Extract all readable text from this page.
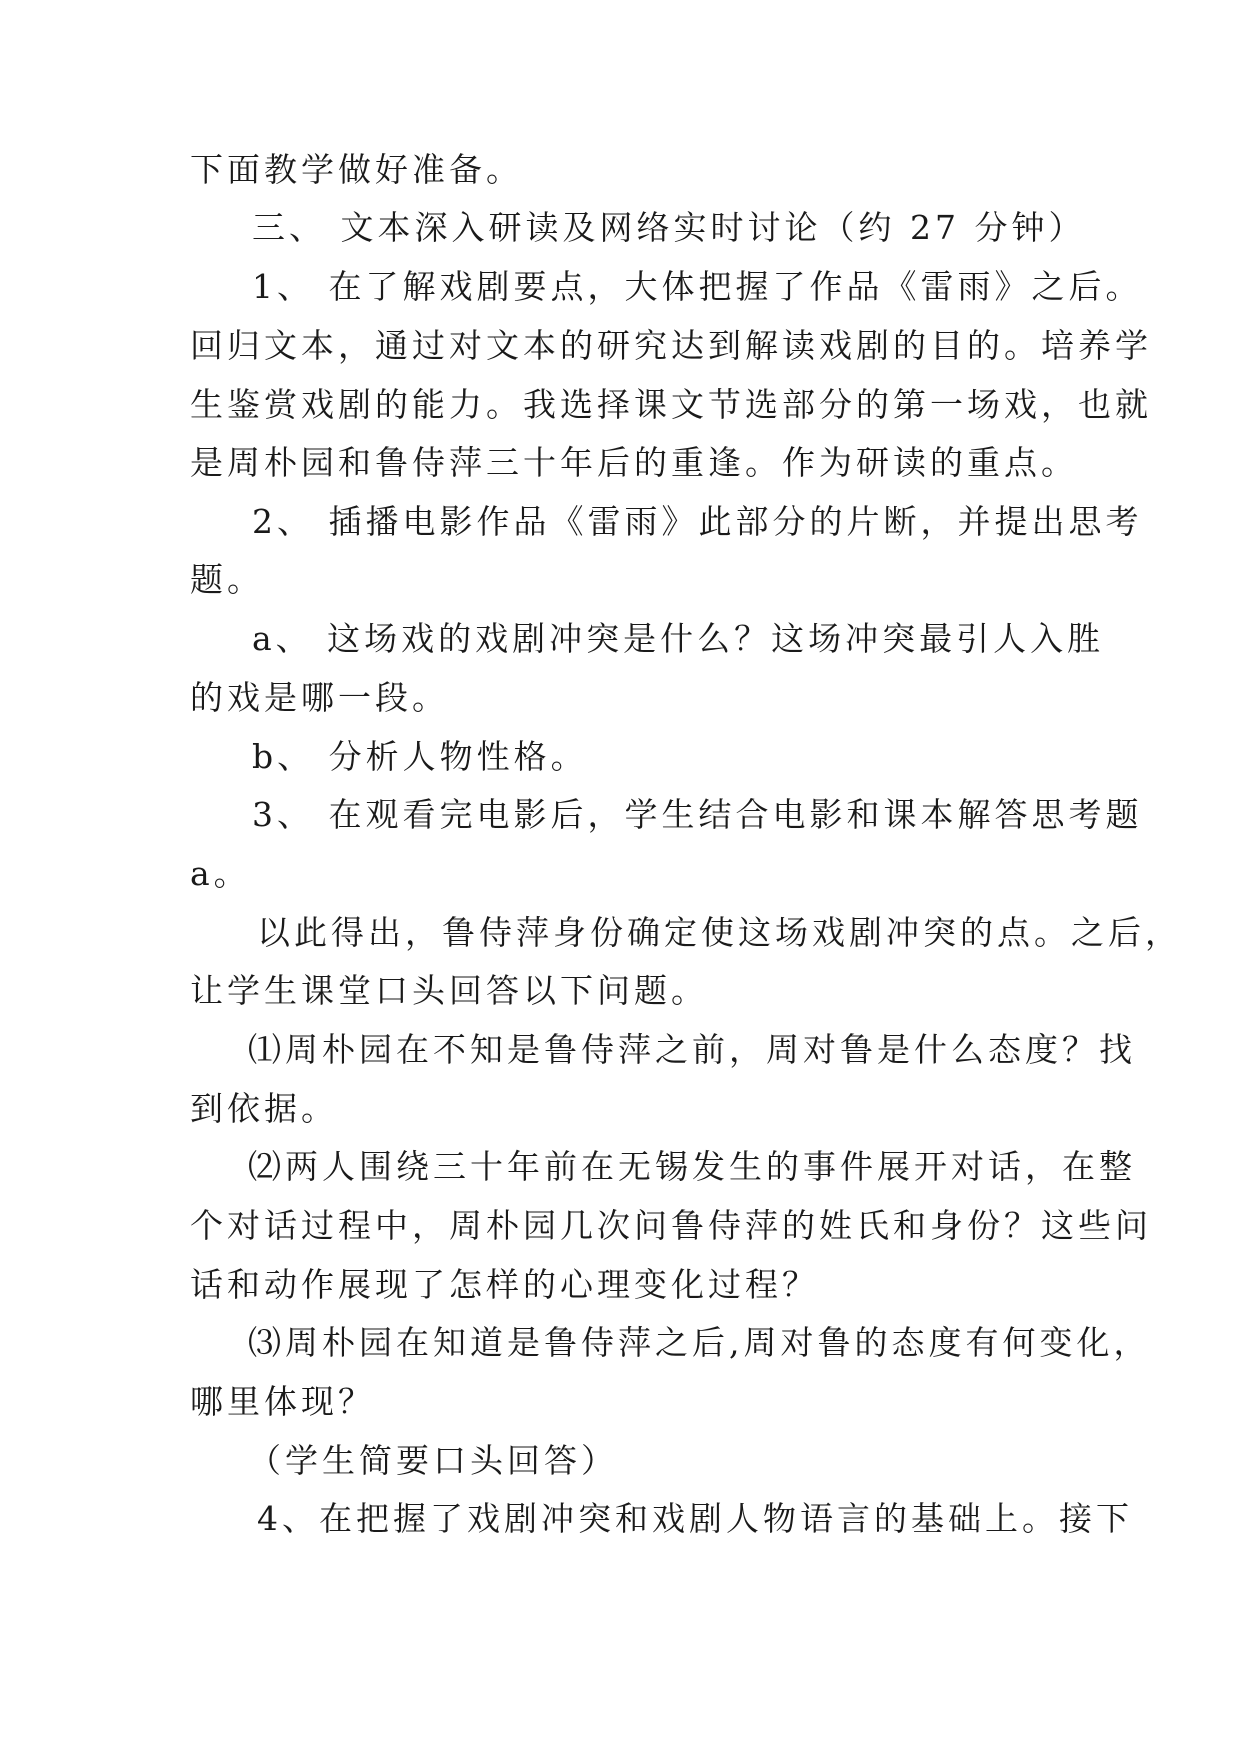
下面教学做好准备。
三、 文本深入研读及网络实时讨论（约 27 分钟）
1、 在了解戏剧要点，大体把握了作品《雷雨》之后。
回归文本，通过对文本的研究达到解读戏剧的目的。培养学
生鉴赏戏剧的能力。我选择课文节选部分的第一场戏，也就
是周朴园和鲁侍萍三十年后的重逢。作为研读的重点。
2、 插播电影作品《雷雨》此部分的片断，并提出思考
题。
a、 这场戏的戏剧冲突是什么？这场冲突最引人入胜
的戏是哪一段。
b、 分析人物性格。
3、 在观看完电影后，学生结合电影和课本解答思考题
a。
以此得出，鲁侍萍身份确定使这场戏剧冲突的点。之后，
让学生课堂口头回答以下问题。
⑴周朴园在不知是鲁侍萍之前，周对鲁是什么态度？找
到依据。
⑵两人围绕三十年前在无锡发生的事件展开对话，在整
个对话过程中，周朴园几次问鲁侍萍的姓氏和身份？这些问
话和动作展现了怎样的心理变化过程？
⑶周朴园在知道是鲁侍萍之后,周对鲁的态度有何变化，
哪里体现？
（学生简要口头回答）
4、在把握了戏剧冲突和戏剧人物语言的基础上。接下
